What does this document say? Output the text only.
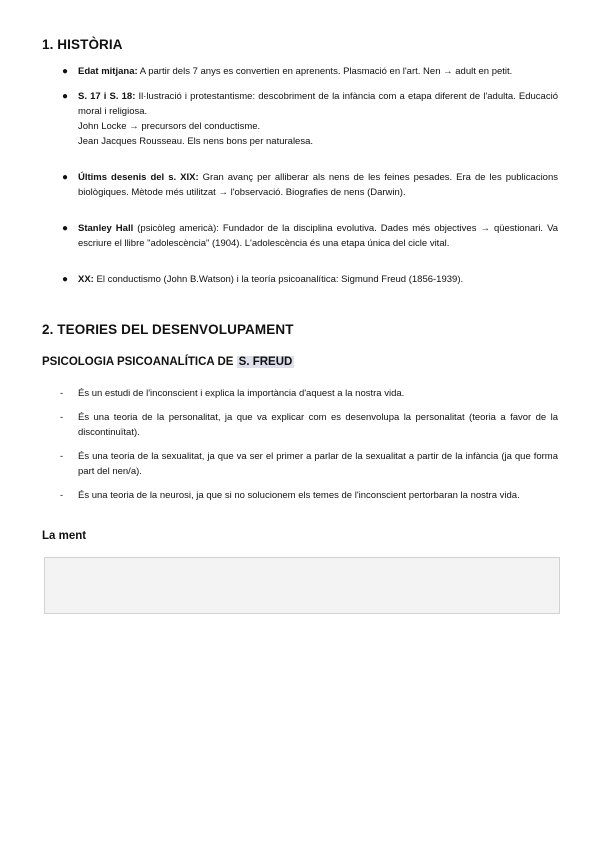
1. HISTÒRIA
● Edat mitjana: A partir dels 7 anys es convertien en aprenents. Plasmació en l'art. Nen → adult en petit.
● S. 17 i S. 18: Il·lustració i protestantisme: descobriment de la infància com a etapa diferent de l'adulta. Educació moral i religiosa.
John Locke → precursors del conductisme.
Jean Jacques Rousseau. Els nens bons per naturalesa.
● Últims desenis del s. XIX: Gran avanç per alliberar als nens de les feines pesades. Era de les publicacions biològiques. Mètode més utilitzat → l'observació. Biografies de nens (Darwin).
● Stanley Hall (psicòleg americà): Fundador de la disciplina evolutiva. Dades més objectives → qüestionari. Va escriure el llibre "adolescència" (1904). L'adolescència és una etapa única del cicle vital.
● XX: El conductismo (John B.Watson) i la teoría psicoanalítica: Sigmund Freud (1856-1939).
2. TEORIES DEL DESENVOLUPAMENT
PSICOLOGIA PSICOANALÍTICA DE S. FREUD
- És un estudi de l'inconscient i explica la importància d'aquest a la nostra vida.
- És una teoria de la personalitat, ja que va explicar com es desenvolupa la personalitat (teoria a favor de la discontinuïtat).
- És una teoria de la sexualitat, ja que va ser el primer a parlar de la sexualitat a partir de la infància (ja que forma part del nen/a).
- És una teoria de la neurosi, ja que si no solucionem els temes de l'inconscient pertorbaran la nostra vida.
La ment
